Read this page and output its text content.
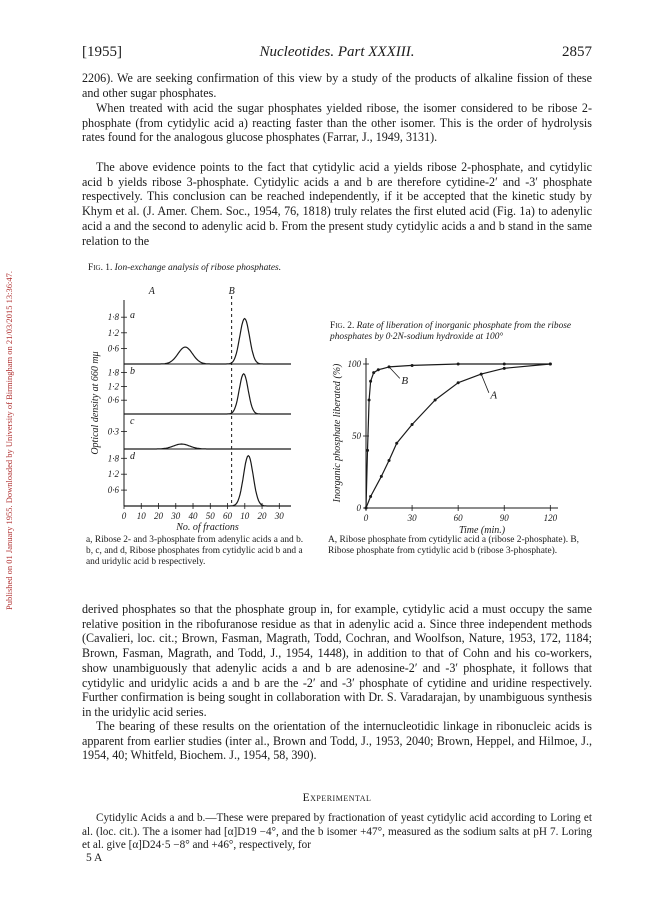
Published on 01 January 1955. Downloaded by University of Birmingham on 21/03/2015 13:36:47.
[1955]	Nucleotides. Part XXXIII.	2857

2206). We are seeking confirmation of this view by a study of the products of alkaline fission of these and other sugar phosphates.

When treated with acid the sugar phosphates yielded ribose, the isomer considered to be ribose 2-phosphate (from cytidylic acid a) reacting faster than the other isomer. This is the order of hydrolysis rates found for the analogous glucose phosphates (Farrar, J., 1949, 3131).

The above evidence points to the fact that cytidylic acid a yields ribose 2-phosphate, and cytidylic acid b yields ribose 3-phosphate. Cytidylic acids a and b are therefore cytidine-2′ and -3′ phosphate respectively. This conclusion can be reached independently, if it be accepted that the kinetic study by Khym et al. (J. Amer. Chem. Soc., 1954, 76, 1818) truly relates the first eluted acid (Fig. 1a) to adenylic acid a and the second to adenylic acid b. From the present study cytidylic acids a and b stand in the same relation to the

Fig. 1. Ion-exchange analysis of ribose phosphates.
a
1·8
1·2
0·6
b
1·8
1·2
0·6
c
0·3
d
1·8
1·2
0·6
A	B
0 10 20 30 40 50 60 10 20 30
No. of fractions
Optical density at 660 mμ
a, Ribose 2- and 3-phosphate from adenylic acids a and b. b, c, and d, Ribose phosphates from cytidylic acid b and a and uridylic acid b respectively.
Fig. 2. Rate of liberation of inorganic phosphate from the ribose phosphates by 0·2N-sodium hydroxide at 100°
0
50
100
0	30	60	90	120
A
B
Time (min.)
Inorganic phosphate liberated (%)
A, Ribose phosphate from cytidylic acid a (ribose 2-phosphate). B, Ribose phosphate from cytidylic acid b (ribose 3-phosphate).

derived phosphates so that the phosphate group in, for example, cytidylic acid a must occupy the same relative position in the ribofuranose residue as that in adenylic acid a. Since three independent methods (Cavalieri, loc. cit.; Brown, Fasman, Magrath, Todd, Cochran, and Woolfson, Nature, 1953, 172, 1184; Brown, Fasman, Magrath, and Todd, J., 1954, 1448), in addition to that of Cohn and his co-workers, show unambiguously that adenylic acids a and b are adenosine-2′ and -3′ phosphate, it follows that cytidylic and uridylic acids a and b are the -2′ and -3′ phosphate of cytidine and uridine respectively. Further confirmation is being sought in collaboration with Dr. S. Varadarajan, by unambiguous synthesis in the uridylic acid series.

The bearing of these results on the orientation of the internucleotidic linkage in ribonucleic acids is apparent from earlier studies (inter al., Brown and Todd, J., 1953, 2040; Brown, Heppel, and Hilmoe, J., 1954, 40; Whitfeld, Biochem. J., 1954, 58, 390).

Experimental

Cytidylic Acids a and b.—These were prepared by fractionation of yeast cytidylic acid according to Loring et al. (loc. cit.). The a isomer had [α]D19 −4°, and the b isomer +47°, measured as the sodium salts at pH 7. Loring et al. give [α]D24·5 −8° and +46°, respectively, for

5 A
